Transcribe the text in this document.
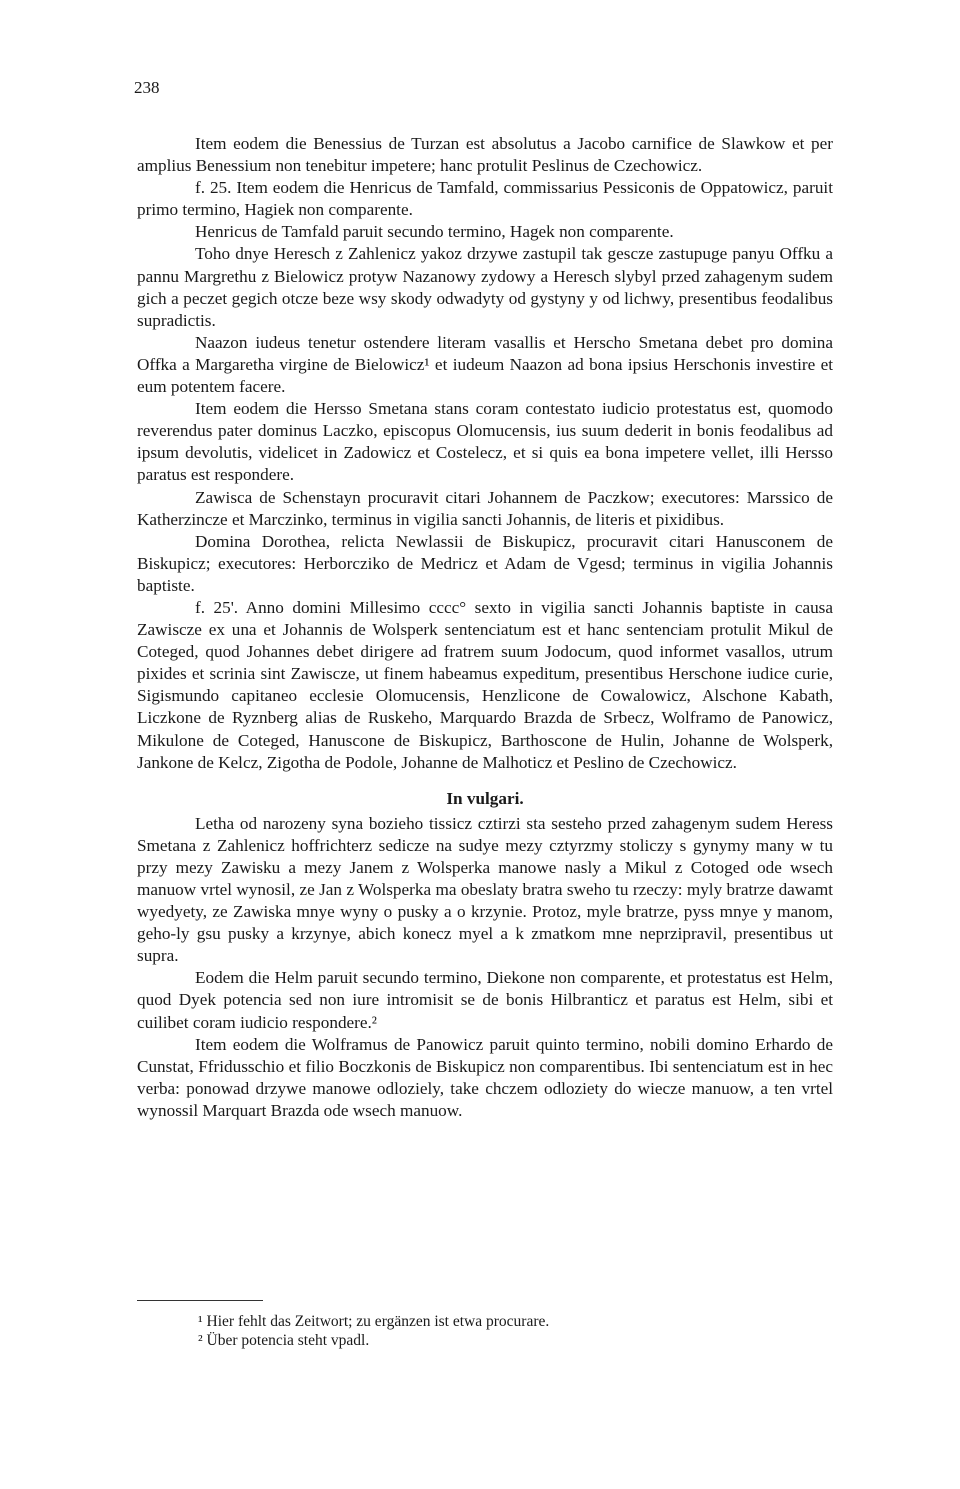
238

Item eodem die Benessius de Turzan est absolutus a Jacobo carnifice de Slawkow et per amplius Benessium non tenebitur impetere; hanc protulit Peslinus de Czechowicz.

f. 25. Item eodem die Henricus de Tamfald, commissarius Pessiconis de Oppatowicz, paruit primo termino, Hagiek non comparente.

Henricus de Tamfald paruit secundo termino, Hagek non comparente.

Toho dnye Heresch z Zahlenicz yakoz drzywe zastupil tak gescze zastupuge panyu Offku a pannu Margrethu z Bielowicz protyw Nazanowy zydowy a Heresch slybyl przed zahagenym sudem gich a peczet gegich otcze beze wsy skody odwadyty od gystyny y od lichwy, presentibus feodalibus supradictis.

Naazon iudeus tenetur ostendere literam vasallis et Herscho Smetana debet pro domina Offka a Margaretha virgine de Bielowicz¹ et iudeum Naazon ad bona ipsius Herschonis investire et eum potentem facere.

Item eodem die Hersso Smetana stans coram contestato iudicio protestatus est, quomodo reverendus pater dominus Laczko, episcopus Olomucensis, ius suum dederit in bonis feodalibus ad ipsum devolutis, videlicet in Zadowicz et Costelecz, et si quis ea bona impetere vellet, illi Hersso paratus est respondere.

Zawisca de Schenstayn procuravit citari Johannem de Paczkow; executores: Marssico de Katherzincze et Marczinko, terminus in vigilia sancti Johannis, de literis et pixidibus.

Domina Dorothea, relicta Newlassii de Biskupicz, procuravit citari Hanusconem de Biskupicz; executores: Herborcziko de Medricz et Adam de Vgesd; terminus in vigilia Johannis baptiste.

f. 25'. Anno domini Millesimo cccc° sexto in vigilia sancti Johannis baptiste in causa Zawiscze ex una et Johannis de Wolsperk sentenciatum est et hanc sentenciam protulit Mikul de Coteged, quod Johannes debet dirigere ad fratrem suum Jodocum, quod informet vasallos, utrum pixides et scrinia sint Zawiscze, ut finem habeamus expeditum, presentibus Herschone iudice curie, Sigismundo capitaneo ecclesie Olomucensis, Henzlicone de Cowalowicz, Alschone Kabath, Liczkone de Ryznberg alias de Ruskeho, Marquardo Brazda de Srbecz, Wolframo de Panowicz, Mikulone de Coteged, Hanuscone de Biskupicz, Barthoscone de Hulin, Johanne de Wolsperk, Jankone de Kelcz, Zigotha de Podole, Johanne de Malhoticz et Peslino de Czechowicz.

In vulgari.

Letha od narozeny syna bozieho tissicz cztirzi sta sesteho przed zahagenym sudem Heress Smetana z Zahlenicz hoffrichterz sedicze na sudye mezy cztyrzmy stoliczy s gynymy many w tu przy mezy Zawisku a mezy Janem z Wolsperka manowe nasly a Mikul z Cotoged ode wsech manuow vrtel wynosil, ze Jan z Wolsperka ma obeslaty bratra sweho tu rzeczy: myly bratrze dawamt wyedyety, ze Zawiska mnye wyny o pusky a o krzynie. Protoz, myle bratrze, pyss mnye y manom, geho-ly gsu pusky a krzynye, abich konecz myel a k zmatkom mne neprzipravil, presentibus ut supra.

Eodem die Helm paruit secundo termino, Diekone non comparente, et protestatus est Helm, quod Dyek potencia sed non iure intromisit se de bonis Hilbranticz et paratus est Helm, sibi et cuilibet coram iudicio respondere.²

Item eodem die Wolframus de Panowicz paruit quinto termino, nobili domino Erhardo de Cunstat, Ffridusschio et filio Boczkonis de Biskupicz non comparentibus. Ibi sentenciatum est in hec verba: ponowad drzywe manowe odloziely, take chczem odloziety do wiecze manuow, a ten vrtel wynossil Marquart Brazda ode wsech manuow.

¹ Hier fehlt das Zeitwort; zu ergänzen ist etwa procurare.

² Über potencia steht vpadl.
